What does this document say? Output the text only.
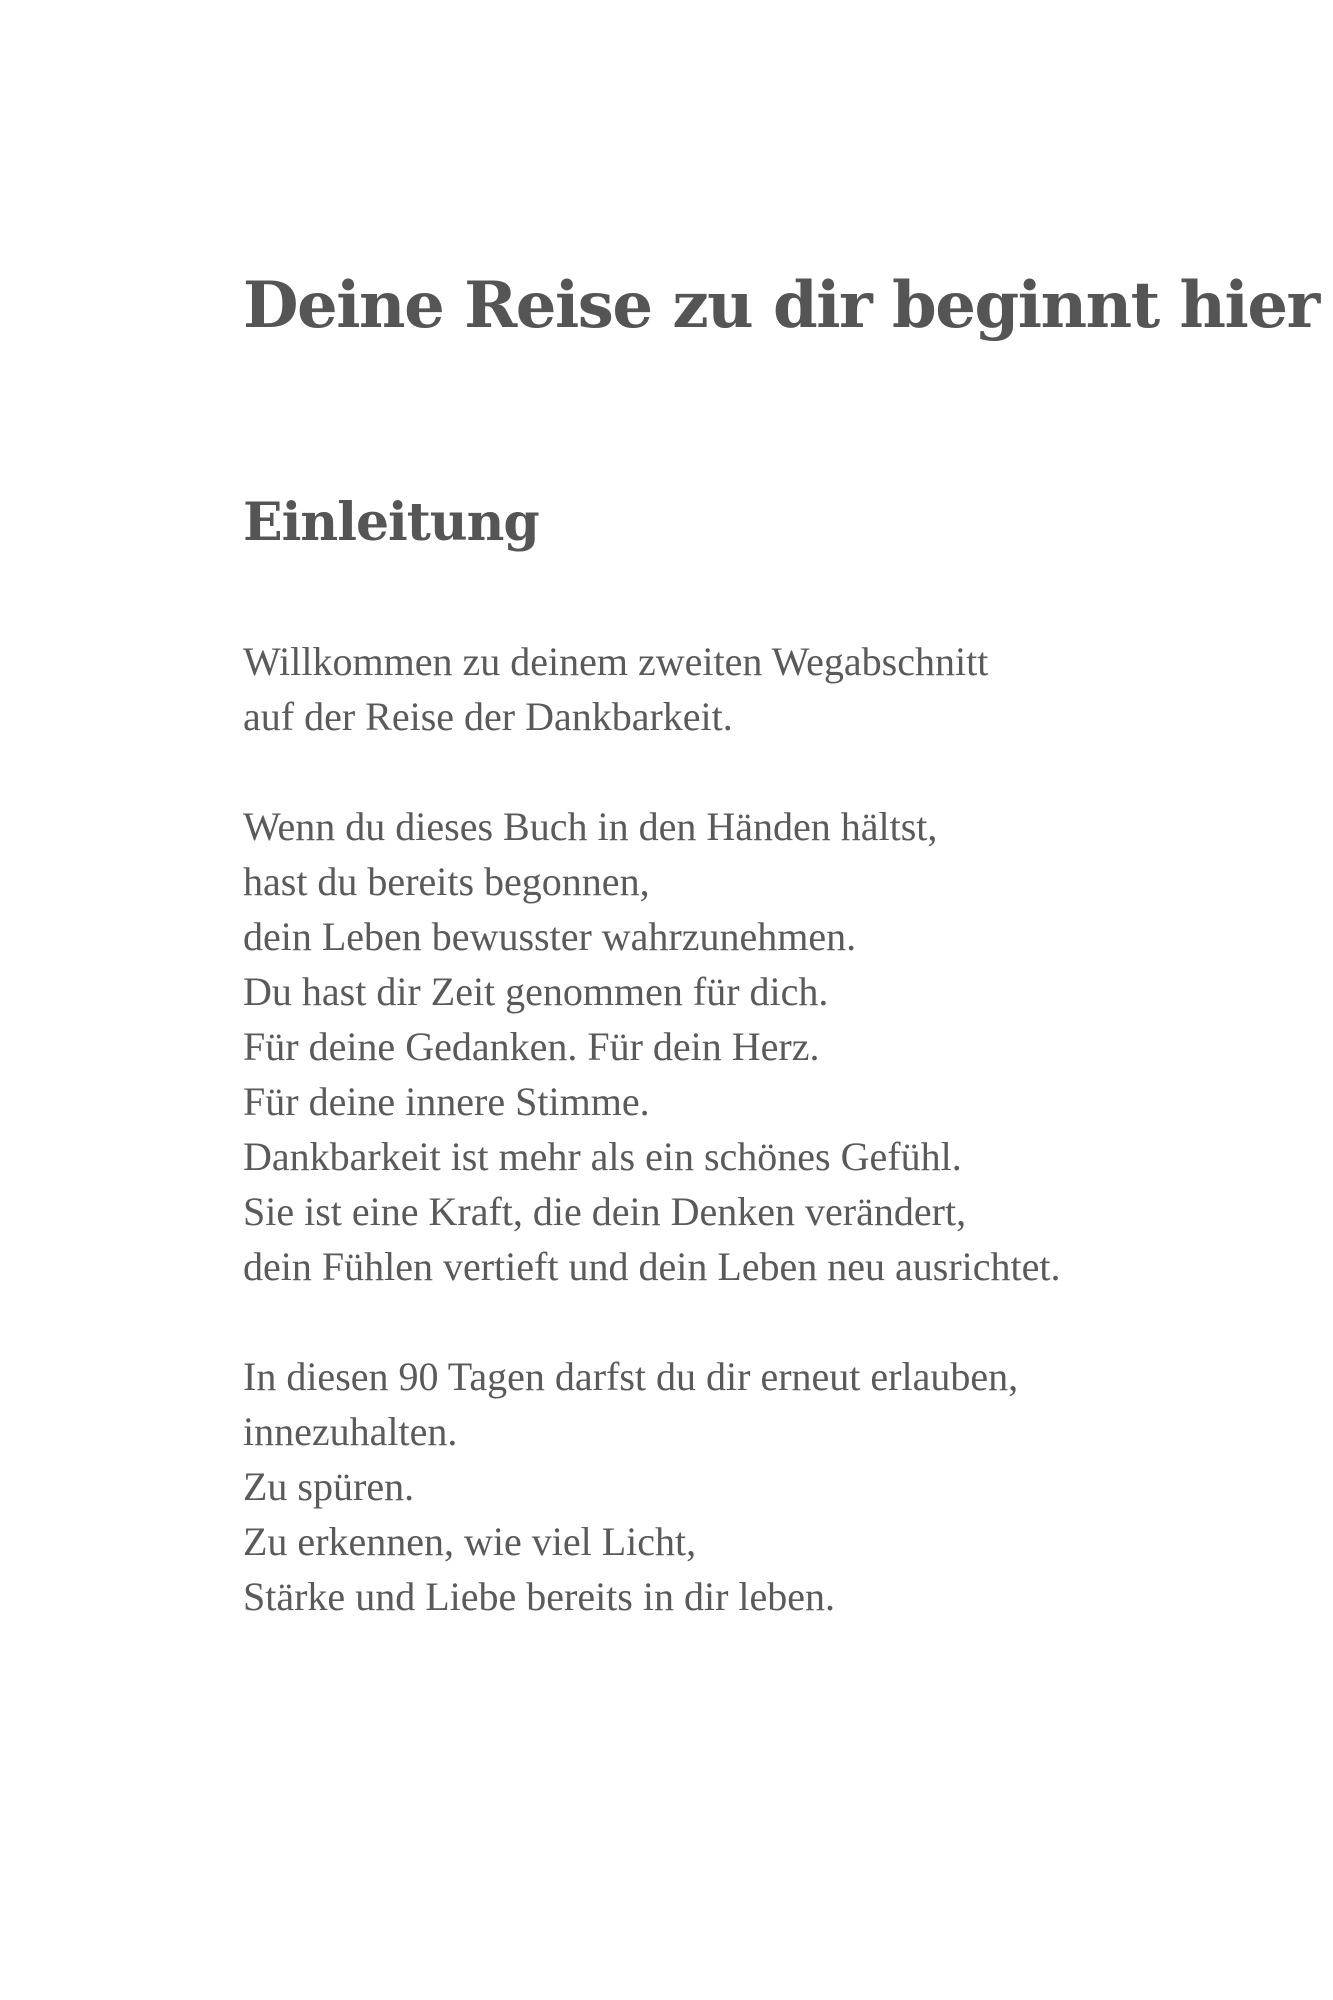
Deine Reise zu dir beginnt hier
Einleitung

Willkommen zu deinem zweiten Wegabschnitt
auf der Reise der Dankbarkeit.

Wenn du dieses Buch in den Händen hältst,
hast du bereits begonnen,
dein Leben bewusster wahrzunehmen.
Du hast dir Zeit genommen für dich.
Für deine Gedanken. Für dein Herz.
Für deine innere Stimme.
Dankbarkeit ist mehr als ein schönes Gefühl.
Sie ist eine Kraft, die dein Denken verändert,
dein Fühlen vertieft und dein Leben neu ausrichtet.

In diesen 90 Tagen darfst du dir erneut erlauben,
innezuhalten.
Zu spüren.
Zu erkennen, wie viel Licht,
Stärke und Liebe bereits in dir leben.
